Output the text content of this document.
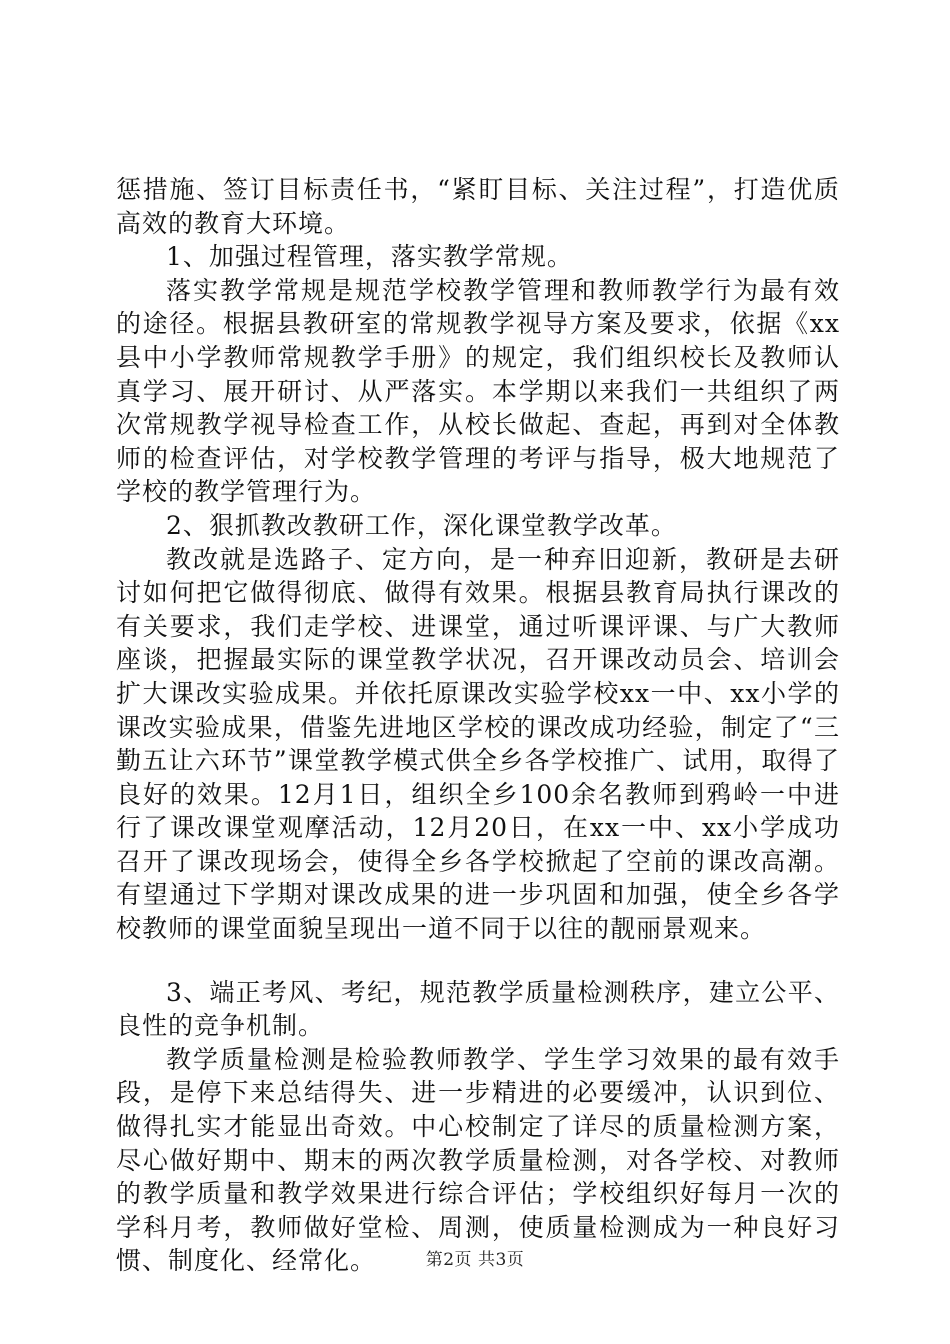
惩措施、签订目标责任书，“紧盯目标、关注过程”，打造优质高效的教育大环境。

1、加强过程管理，落实教学常规。

落实教学常规是规范学校教学管理和教师教学行为最有效的途径。根据县教研室的常规教学视导方案及要求，依据《xx县中小学教师常规教学手册》的规定，我们组织校长及教师认真学习、展开研讨、从严落实。本学期以来我们一共组织了两次常规教学视导检查工作，从校长做起、查起，再到对全体教师的检查评估，对学校教学管理的考评与指导，极大地规范了学校的教学管理行为。

2、狠抓教改教研工作，深化课堂教学改革。

教改就是选路子、定方向，是一种弃旧迎新，教研是去研讨如何把它做得彻底、做得有效果。根据县教育局执行课改的有关要求，我们走学校、进课堂，通过听课评课、与广大教师座谈，把握最实际的课堂教学状况，召开课改动员会、培训会扩大课改实验成果。并依托原课改实验学校xx一中、xx小学的课改实验成果，借鉴先进地区学校的课改成功经验，制定了“三勤五让六环节”课堂教学模式供全乡各学校推广、试用，取得了良好的效果。12月1日，组织全乡100余名教师到鸦岭一中进行了课改课堂观摩活动，12月20日，在xx一中、xx小学成功召开了课改现场会，使得全乡各学校掀起了空前的课改高潮。有望通过下学期对课改成果的进一步巩固和加强，使全乡各学校教师的课堂面貌呈现出一道不同于以往的靓丽景观来。

3、端正考风、考纪，规范教学质量检测秩序，建立公平、良性的竞争机制。

教学质量检测是检验教师教学、学生学习效果的最有效手段，是停下来总结得失、进一步精进的必要缓冲，认识到位、做得扎实才能显出奇效。中心校制定了详尽的质量检测方案，尽心做好期中、期末的两次教学质量检测，对各学校、对教师的教学质量和教学效果进行综合评估；学校组织好每月一次的学科月考，教师做好堂检、周测，使质量检测成为一种良好习惯、制度化、经常化。	第2页 共3页
